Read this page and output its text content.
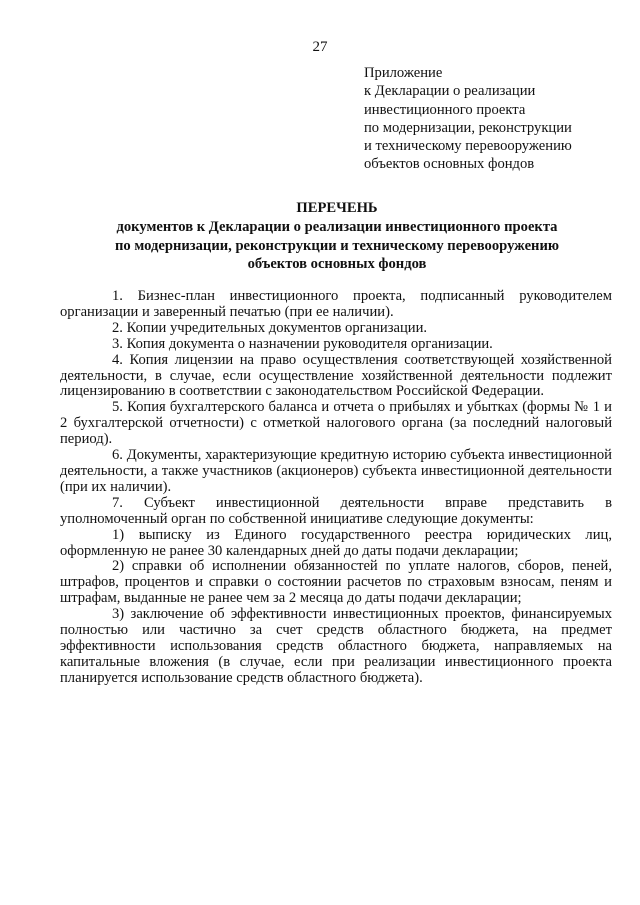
27
Приложение
к Декларации о реализации
инвестиционного проекта
по модернизации, реконструкции
и техническому перевооружению
объектов основных фондов
ПЕРЕЧЕНЬ
документов к Декларации о реализации инвестиционного проекта
по модернизации, реконструкции и техническому перевооружению
объектов основных фондов

1. Бизнес-план инвестиционного проекта, подписанный руководителем организации и заверенный печатью (при ее наличии).

2. Копии учредительных документов организации.

3. Копия документа о назначении руководителя организации.

4. Копия лицензии на право осуществления соответствующей хозяйственной деятельности, в случае, если осуществление хозяйственной деятельности подлежит лицензированию в соответствии с законодательством Российской Федерации.

5. Копия бухгалтерского баланса и отчета о прибылях и убытках (формы № 1 и 2 бухгалтерской отчетности) с отметкой налогового органа (за последний налоговый период).

6. Документы, характеризующие кредитную историю субъекта инвестиционной деятельности, а также участников (акционеров) субъекта инвестиционной деятельности (при их наличии).

7. Субъект инвестиционной деятельности вправе представить в уполномоченный орган по собственной инициативе следующие документы:

1) выписку из Единого государственного реестра юридических лиц, оформленную не ранее 30 календарных дней до даты подачи декларации;

2) справки об исполнении обязанностей по уплате налогов, сборов, пеней, штрафов, процентов и справки о состоянии расчетов по страховым взносам, пеням и штрафам, выданные не ранее чем за 2 месяца до даты подачи декларации;

3) заключение об эффективности инвестиционных проектов, финансируемых полностью или частично за счет средств областного бюджета, на предмет эффективности использования средств областного бюджета, направляемых на капитальные вложения (в случае, если при реализации инвестиционного проекта планируется использование средств областного бюджета).
